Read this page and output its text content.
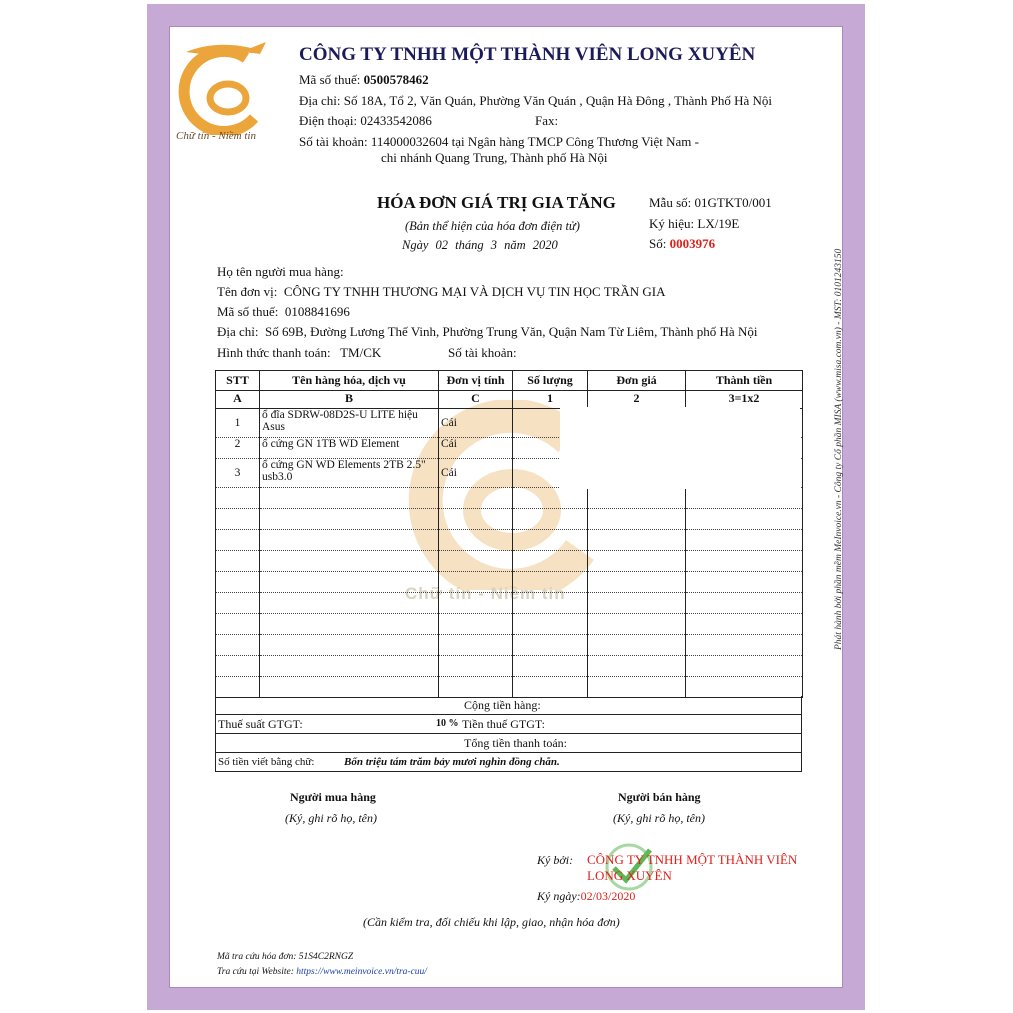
Chữ tín - Niềm tin
Chữ tín - Niềm tin
CÔNG TY TNHH MỘT THÀNH VIÊN LONG XUYÊN
Mã số thuế: 0500578462
Địa chỉ: Số 18A, Tổ 2, Văn Quán, Phường Văn Quán , Quận Hà Đông , Thành Phố Hà Nội
Điện thoại: 02433542086	Fax:
Số tài khoản: 114000032604 tại Ngân hàng TMCP Công Thương Việt Nam -
chi nhánh Quang Trung, Thành phố Hà Nội
HÓA ĐƠN GIÁ TRỊ GIA TĂNG
(Bản thể hiện của hóa đơn điện tử)
Ngày 02 tháng 3 năm 2020
Mẫu số: 01GTKT0/001
Ký hiệu: LX/19E
Số: 0003976
Họ tên người mua hàng:
Tên đơn vị: CÔNG TY TNHH THƯƠNG MẠI VÀ DỊCH VỤ TIN HỌC TRẦN GIA
Mã số thuế: 0108841696
Địa chỉ: Số 69B, Đường Lương Thế Vinh, Phường Trung Văn, Quận Nam Từ Liêm, Thành phố Hà Nội
Hình thức thanh toán: TM/CK	Số tài khoản:
STT	Tên hàng hóa, dịch vụ	Đơn vị tính	Số lượng	Đơn giá	Thành tiền
A	B	C	1	2	3=1x2
1	ổ đĩa SDRW-08D2S-U LITE hiệu Asus	Cái			
2	ổ cứng GN 1TB WD Element	Cái			
3	ổ cứng GN WD Elements 2TB 2.5" usb3.0	Cái			

Cộng tiền hàng:
Thuế suất GTGT:	10 % Tiền thuế GTGT:
Tổng tiền thanh toán:
Số tiền viết bằng chữ:	Bốn triệu tám trăm bảy mươi nghìn đồng chẵn.
Người mua hàng
(Ký, ghi rõ họ, tên)
Người bán hàng
(Ký, ghi rõ họ, tên)
Ký bởi: CÔNG TY TNHH MỘT THÀNH VIÊN
LONG XUYÊN
Ký ngày:02/03/2020
(Cần kiểm tra, đối chiếu khi lập, giao, nhận hóa đơn)
Mã tra cứu hóa đơn: 51S4C2RNGZ
Tra cứu tại Website: https://www.meinvoice.vn/tra-cuu/
Phát hành bởi phần mềm MeInvoice.vn - Công ty Cổ phần MISA (www.misa.com.vn) - MST: 0101243150
